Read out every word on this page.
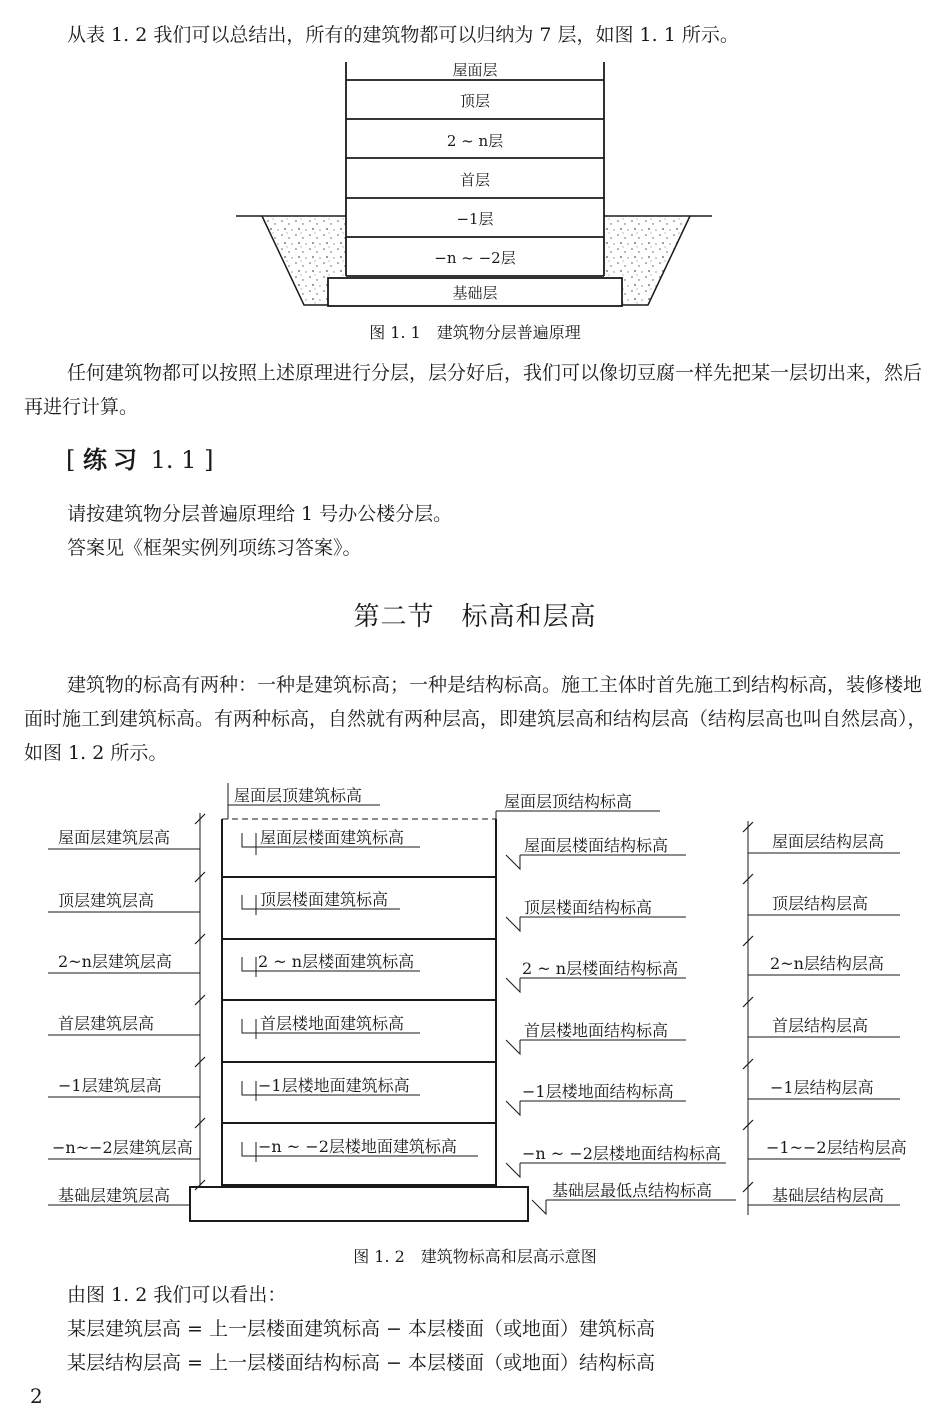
从表 1. 2 我们可以总结出，所有的建筑物都可以归纳为 7 层，如图 1. 1 所示。

屋面层
顶层
2 ~ n层
首层
−1层
−n ~ −2层
基础层
图 1. 1　建筑物分层普遍原理

任何建筑物都可以按照上述原理进行分层，层分好后，我们可以像切豆腐一样先把某一层切出来，然后再进行计算。

[ 练习 1. 1 ]

请按建筑物分层普遍原理给 1 号办公楼分层。

答案见《框架实例列项练习答案》。

第二节　标高和层高

建筑物的标高有两种：一种是建筑标高；一种是结构标高。施工主体时首先施工到结构标高，装修楼地面时施工到建筑标高。有两种标高，自然就有两种层高，即建筑层高和结构层高（结构层高也叫自然层高），如图 1. 2 所示。

屋面层顶建筑标高	屋面层顶结构标高
屋面层建筑层高
顶层建筑层高
2~n层建筑层高
首层建筑层高
−1层建筑层高
−n~−2层建筑层高
基础层建筑层高
屋面层楼面建筑标高
顶层楼面建筑标高
2 ~ n层楼面建筑标高
首层楼地面建筑标高
−1层楼地面建筑标高
−n ~ −2层楼地面建筑标高
屋面层楼面结构标高
顶层楼面结构标高
2 ~ n层楼面结构标高
首层楼地面结构标高
−1层楼地面结构标高
−n ~ −2层楼地面结构标高
基础层最低点结构标高
屋面层结构层高
顶层结构层高
2~n层结构层高
首层结构层高
−1层结构层高
−1~−2层结构层高
基础层结构层高
图 1. 2　建筑物标高和层高示意图

由图 1. 2 我们可以看出：

某层建筑层高 = 上一层楼面建筑标高 − 本层楼面（或地面）建筑标高

某层结构层高 = 上一层楼面结构标高 − 本层楼面（或地面）结构标高

2
